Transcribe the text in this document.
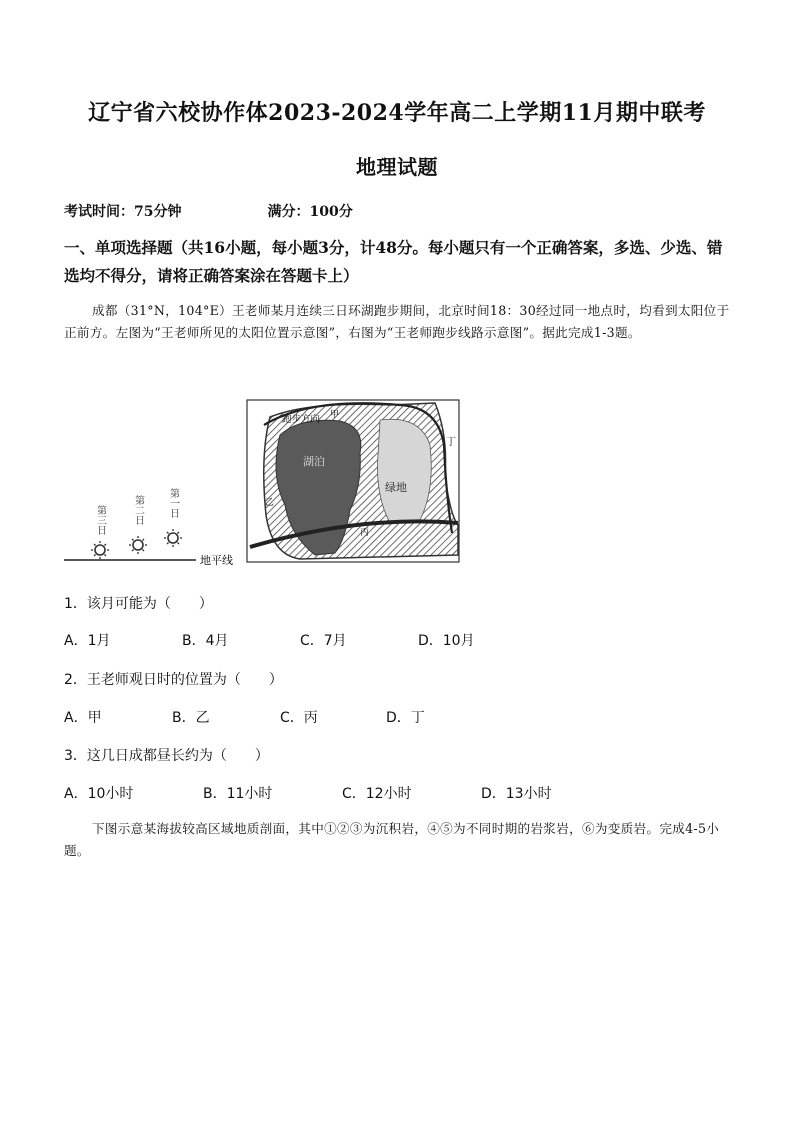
辽宁省六校协作体2023-2024学年高二上学期11月期中联考
地理试题
考试时间：75分钟	满分：100分
一、单项选择题（共16小题，每小题3分，计48分。每小题只有一个正确答案，多选、少选、错选均不得分，请将正确答案涂在答题卡上）
成都（31°N，104°E）王老师某月连续三日环湖跑步期间，北京时间18：30经过同一地点时，均看到太阳位于正前方。左图为“王老师所见的太阳位置示意图”，右图为“王老师跑步线路示意图”。据此完成1-3题。
地平线
第三日	第二日 第一日
跑步方向
湖泊
绿地
甲
乙
丙
丁
1．该月可能为（　　）
A．1月	B．4月	C．7月	D．10月
2．王老师观日时的位置为（　　）
A．甲	B．乙	C．丙	D．丁
3．这几日成都昼长约为（　　）
A．10小时	B．11小时	C．12小时	D．13小时
下图示意某海拔较高区域地质剖面，其中①②③为沉积岩，④⑤为不同时期的岩浆岩，⑥为变质岩。完成4-5小题。
